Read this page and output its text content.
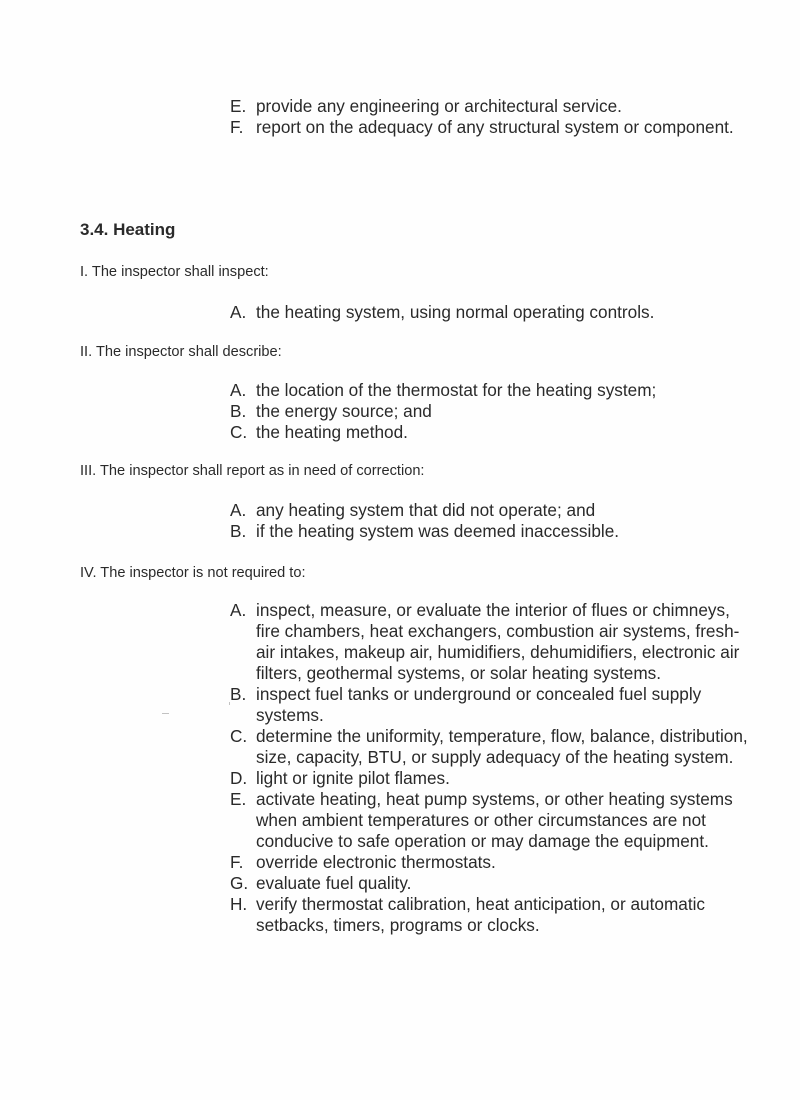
E. provide any engineering or architectural service.
F. report on the adequacy of any structural system or component.
3.4. Heating

I. The inspector shall inspect:

A. the heating system, using normal operating controls.

II. The inspector shall describe:

A. the location of the thermostat for the heating system;
B. the energy source; and
C. the heating method.

III. The inspector shall report as in need of correction:

A. any heating system that did not operate; and
B. if the heating system was deemed inaccessible.

IV. The inspector is not required to:

A. inspect, measure, or evaluate the interior of flues or chimneys, fire chambers, heat exchangers, combustion air systems, fresh-air intakes, makeup air, humidifiers, dehumidifiers, electronic air filters, geothermal systems, or solar heating systems.
B. inspect fuel tanks or underground or concealed fuel supply systems.
C. determine the uniformity, temperature, flow, balance, distribution, size, capacity, BTU, or supply adequacy of the heating system.
D. light or ignite pilot flames.
E. activate heating, heat pump systems, or other heating systems when ambient temperatures or other circumstances are not conducive to safe operation or may damage the equipment.
F. override electronic thermostats.
G. evaluate fuel quality.
H. verify thermostat calibration, heat anticipation, or automatic setbacks, timers, programs or clocks.
